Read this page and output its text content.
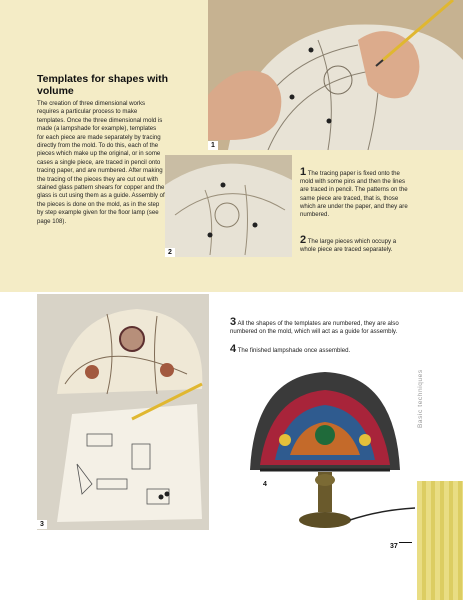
Templates for shapes with volume

The creation of three dimensional works requires a particular process to make templates. Once the three dimensional mold is made (a lampshade for example), templates for each piece are made separately by tracing directly from the mold. To do this, each of the pieces which make up the original, or in some cases a single piece, are traced in pencil onto tracing paper, and are numbered. After making the tracing of the pieces they are cut out with stained glass pattern shears for copper and the glass is cut using them as a guide. Assembly of the pieces is done on the mold, as in the step by step example given for the floor lamp (see page 108).

1
2

1 The tracing paper is fixed onto the mold with some pins and then the lines are traced in pencil. The patterns on the same piece are traced, that is, those which are under the paper, and they are numbered.

2 The large pieces which occupy a whole piece are traced separately.

3

3 All the shapes of the templates are numbered, they are also numbered on the mold, which will act as a guide for assembly.

4 The finished lampshade once assembled.

4
Basic techniques
37
